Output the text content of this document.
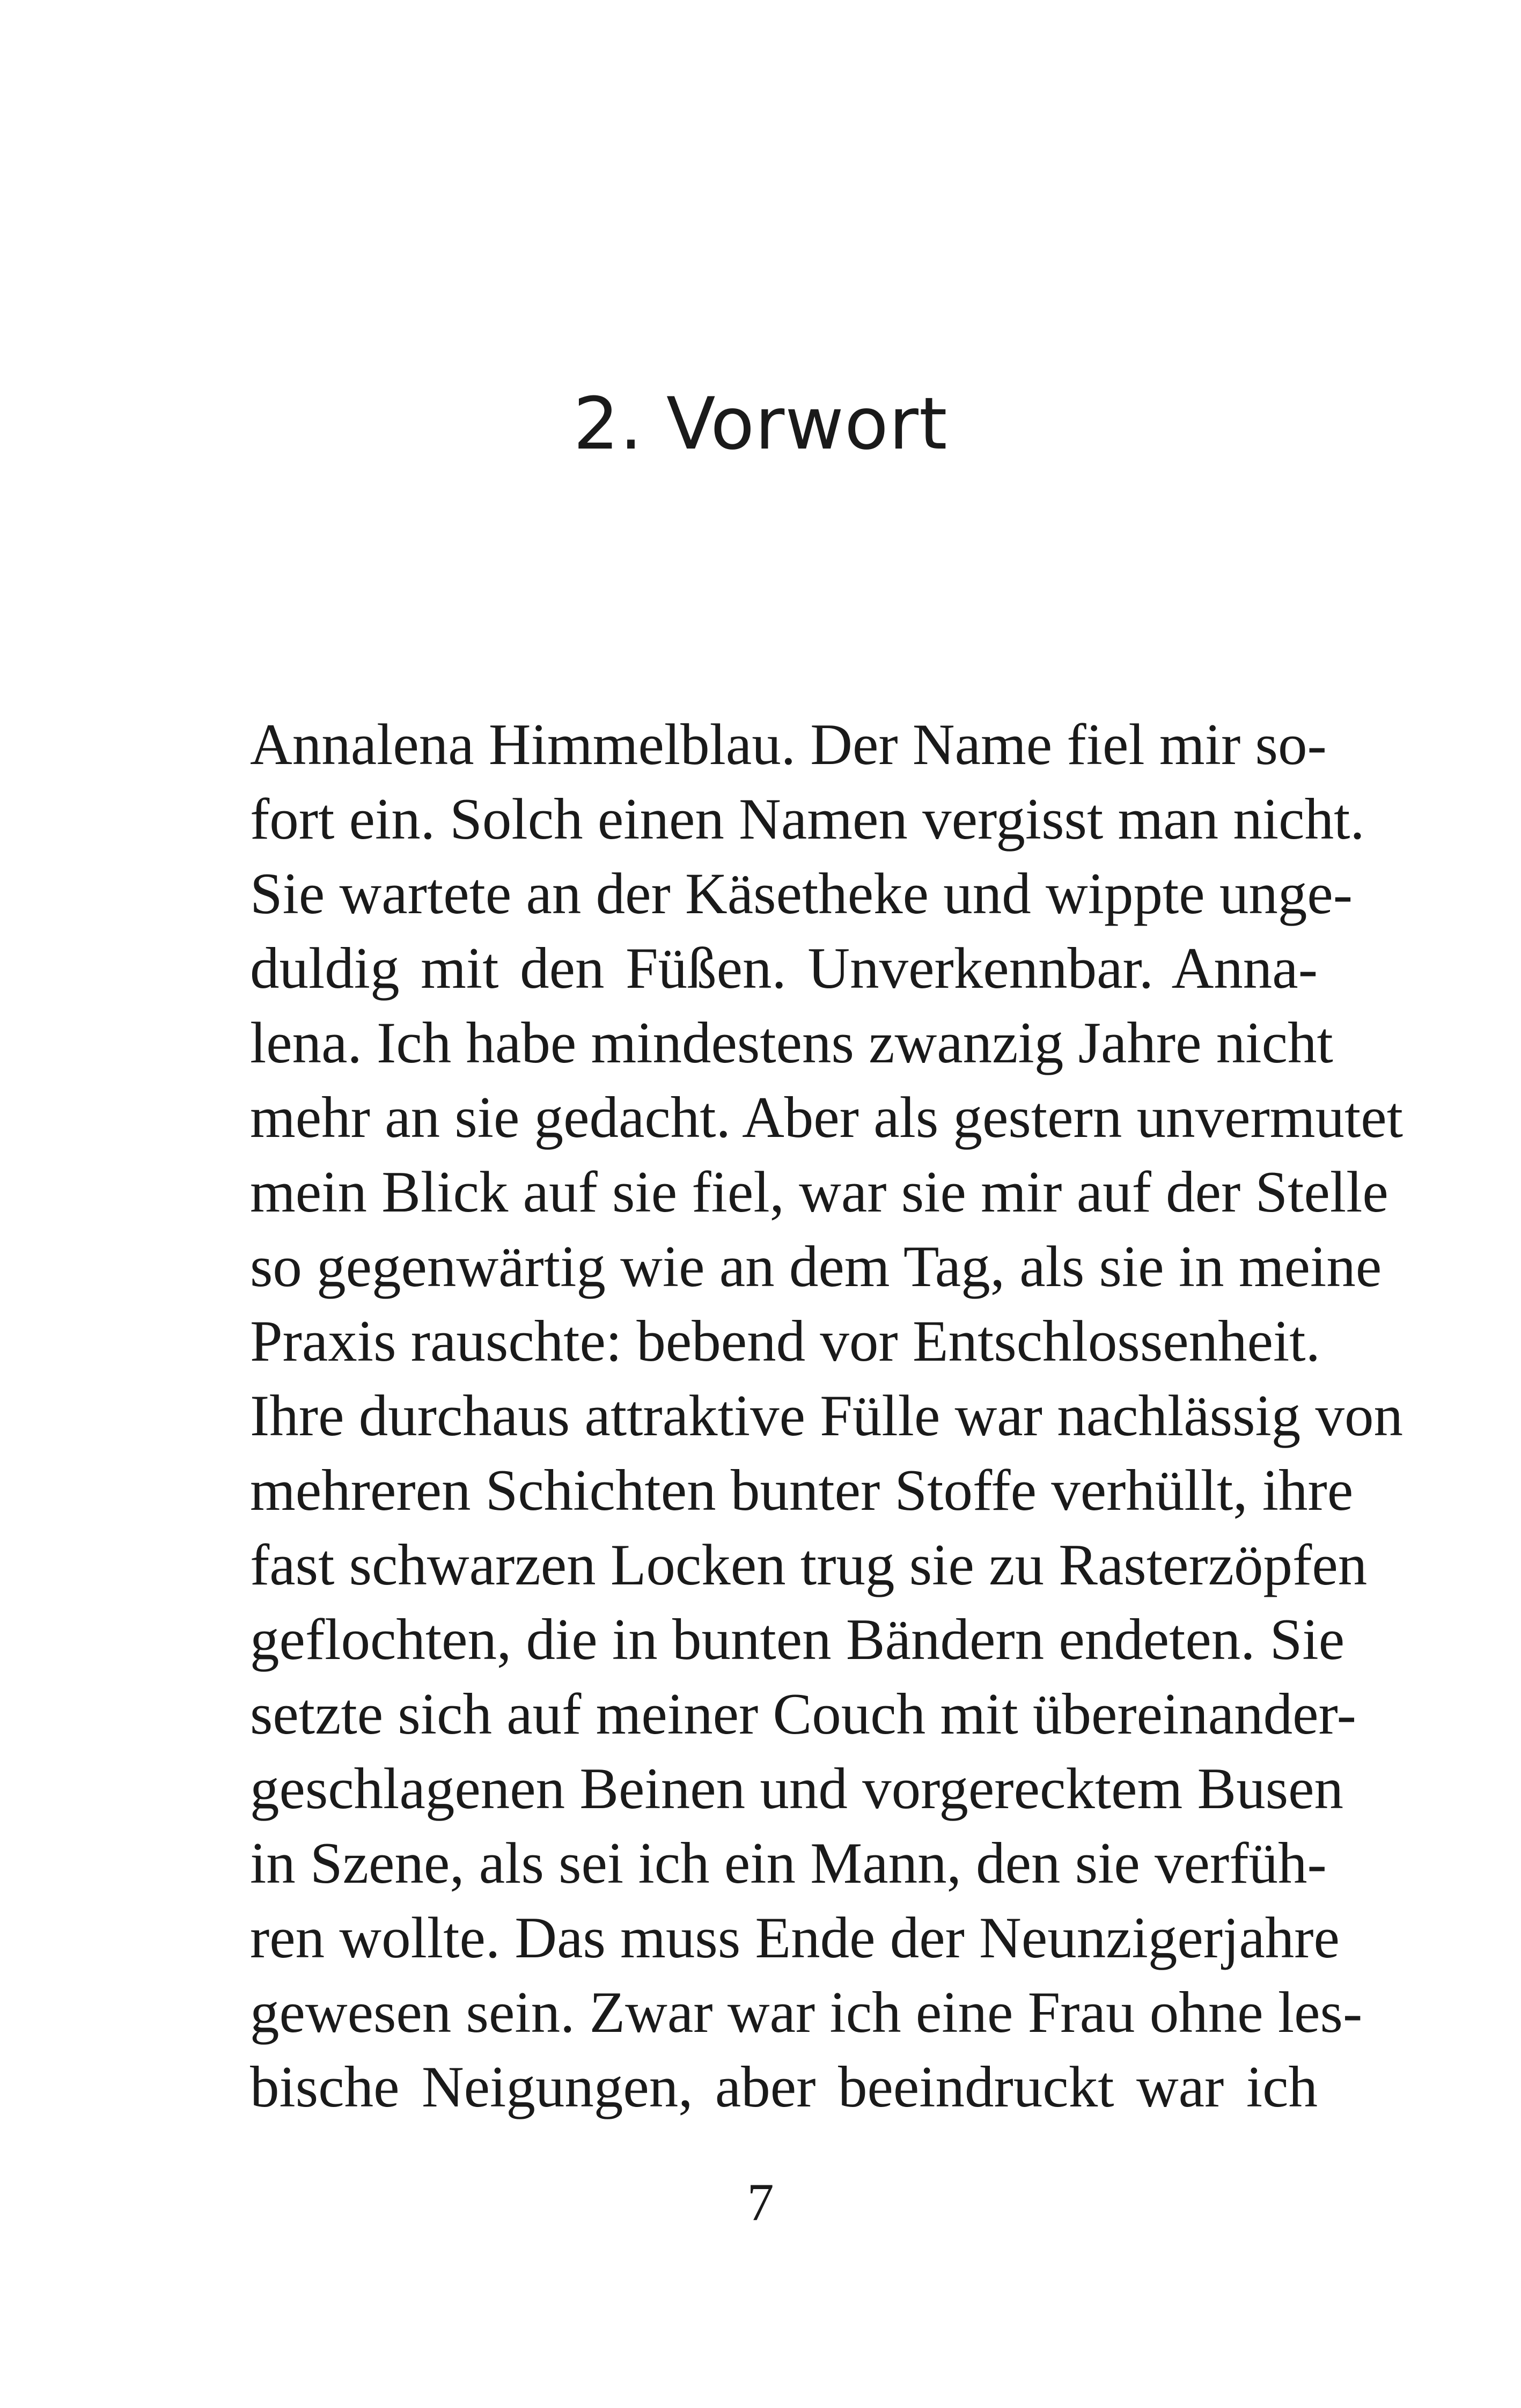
2. Vorwort
Annalena Himmelblau. Der Name fiel mir so-
fort ein. Solch einen Namen vergisst man nicht.
Sie wartete an der Käsetheke und wippte unge-
duldig mit den Füßen. Unverkennbar. Anna-
lena. Ich habe mindestens zwanzig Jahre nicht
mehr an sie gedacht. Aber als gestern unvermutet
mein Blick auf sie fiel, war sie mir auf der Stelle
so gegenwärtig wie an dem Tag, als sie in meine
Praxis rauschte: bebend vor Entschlossenheit.
Ihre durchaus attraktive Fülle war nachlässig von
mehreren Schichten bunter Stoffe verhüllt, ihre
fast schwarzen Locken trug sie zu Rasterzöpfen
geflochten, die in bunten Bändern endeten. Sie
setzte sich auf meiner Couch mit übereinander-
geschlagenen Beinen und vorgerecktem Busen
in Szene, als sei ich ein Mann, den sie verfüh-
ren wollte. Das muss Ende der Neunzigerjahre
gewesen sein. Zwar war ich eine Frau ohne les-
bische Neigungen, aber beeindruckt war ich
7
